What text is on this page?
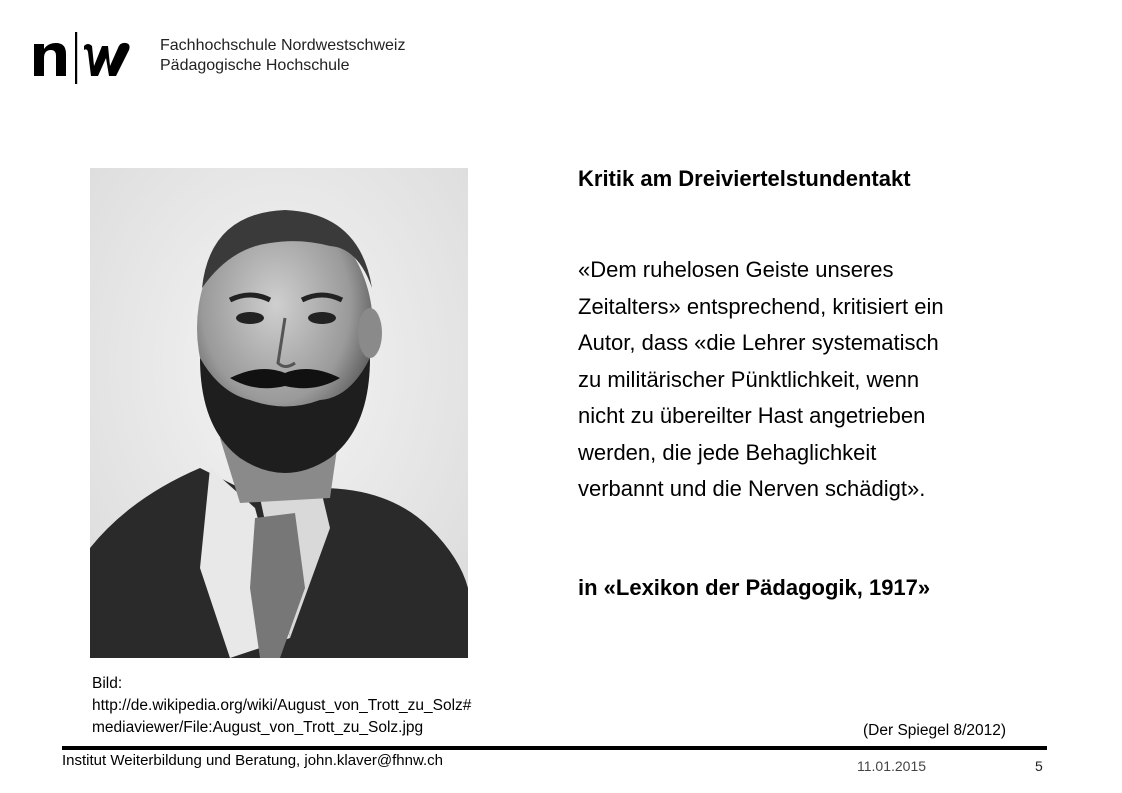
Fachhochschule Nordwestschweiz
Pädagogische Hochschule
Kritik am Dreiviertelstundentakt
«Dem ruhelosen Geiste unseres
Zeitalters» entsprechend, kritisiert ein
Autor, dass «die Lehrer systematisch
zu militärischer Pünktlichkeit, wenn
nicht zu übereilter Hast angetrieben
werden, die jede Behaglichkeit
verbannt und die Nerven schädigt».
in «Lexikon der Pädagogik, 1917»
Bild:
http://de.wikipedia.org/wiki/August_von_Trott_zu_Solz#
mediaviewer/File:August_von_Trott_zu_Solz.jpg	(Der Spiegel 8/2012)
Institut Weiterbildung und Beratung, john.klaver@fhnw.ch	11.01.2015	5
